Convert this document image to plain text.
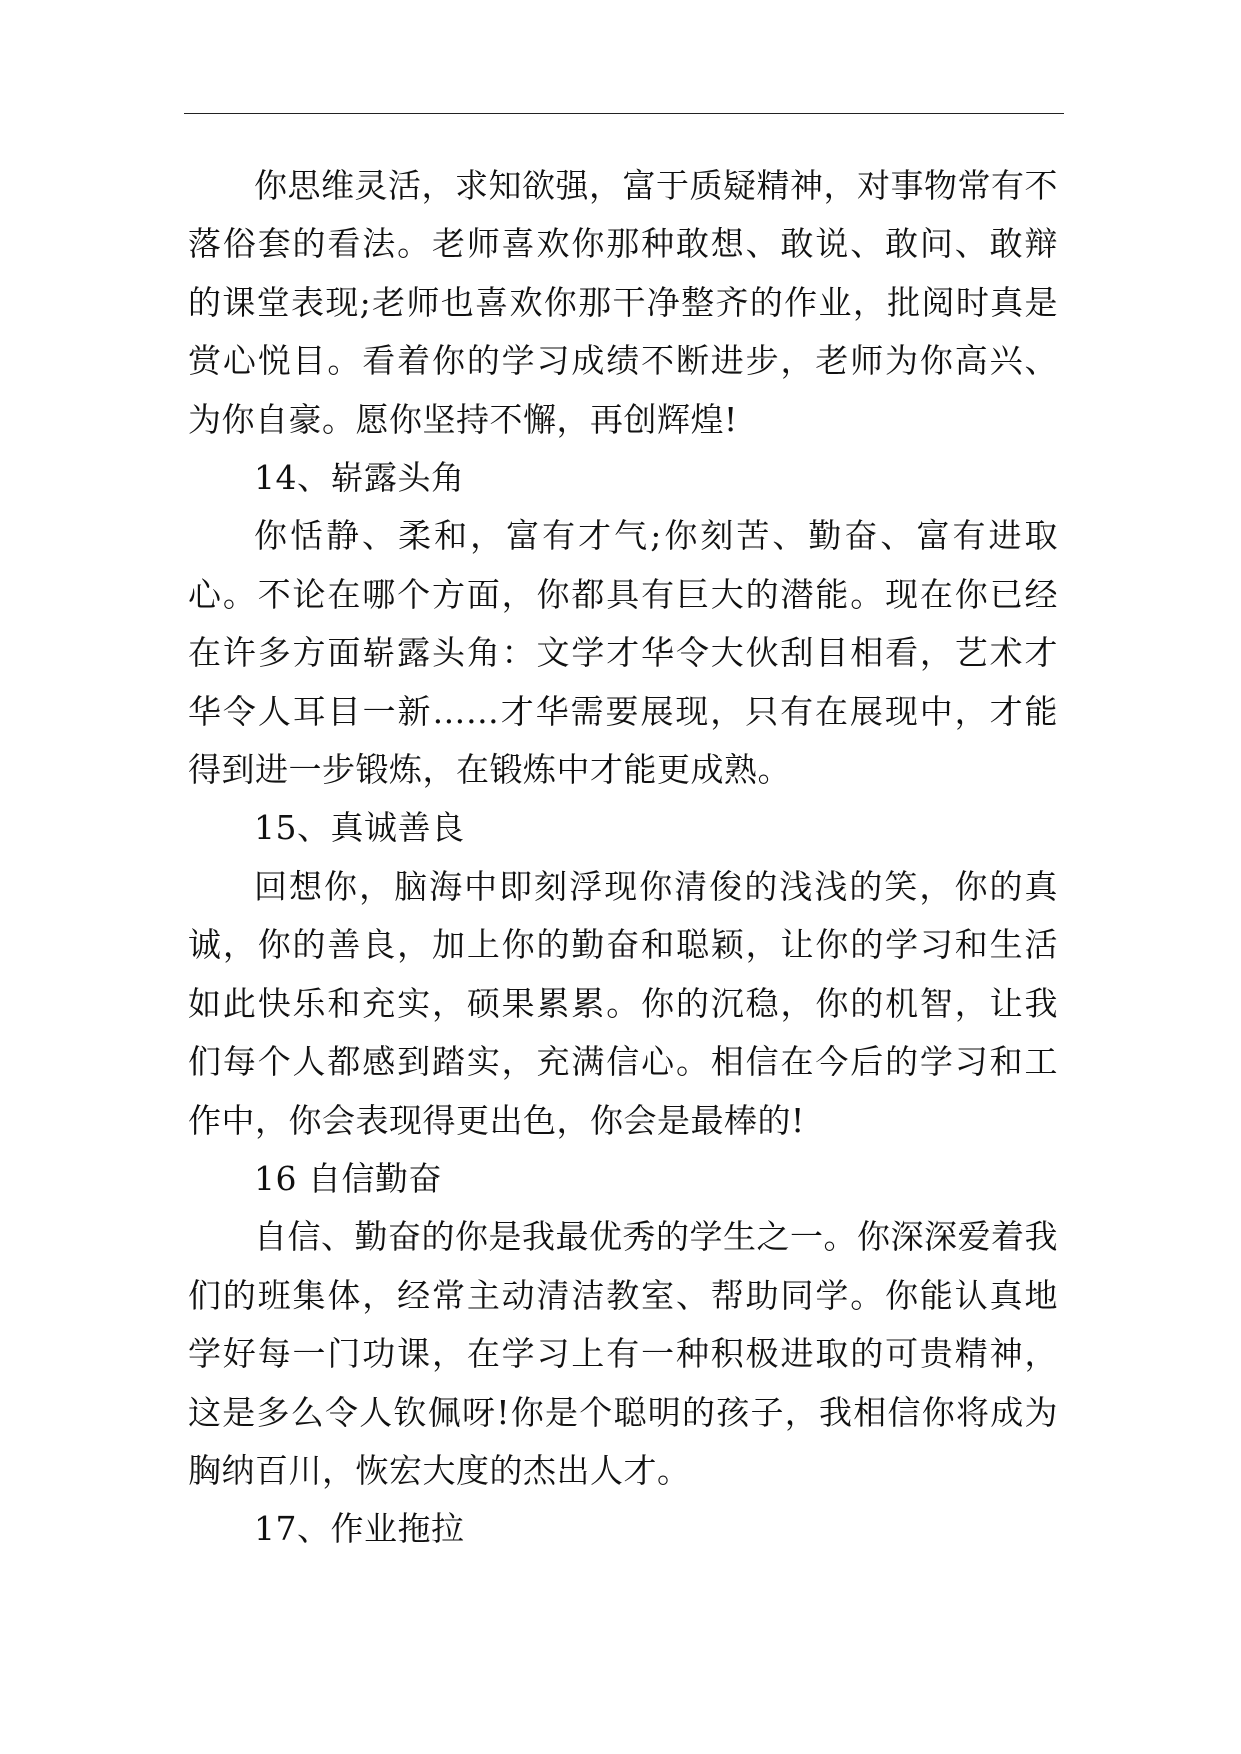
你思维灵活，求知欲强，富于质疑精神，对事物常有不落俗套的看法。老师喜欢你那种敢想、敢说、敢问、敢辩的课堂表现;老师也喜欢你那干净整齐的作业，批阅时真是赏心悦目。看着你的学习成绩不断进步，老师为你高兴、为你自豪。愿你坚持不懈，再创辉煌!

14、崭露头角

你恬静、柔和，富有才气;你刻苦、勤奋、富有进取心。不论在哪个方面，你都具有巨大的潜能。现在你已经在许多方面崭露头角：文学才华令大伙刮目相看，艺术才华令人耳目一新……才华需要展现，只有在展现中，才能得到进一步锻炼，在锻炼中才能更成熟。

15、真诚善良

回想你，脑海中即刻浮现你清俊的浅浅的笑，你的真诚，你的善良，加上你的勤奋和聪颖，让你的学习和生活如此快乐和充实，硕果累累。你的沉稳，你的机智，让我们每个人都感到踏实，充满信心。相信在今后的学习和工作中，你会表现得更出色，你会是最棒的!

16 自信勤奋

自信、勤奋的你是我最优秀的学生之一。你深深爱着我们的班集体，经常主动清洁教室、帮助同学。你能认真地学好每一门功课，在学习上有一种积极进取的可贵精神，这是多么令人钦佩呀!你是个聪明的孩子，我相信你将成为胸纳百川，恢宏大度的杰出人才。

17、作业拖拉
